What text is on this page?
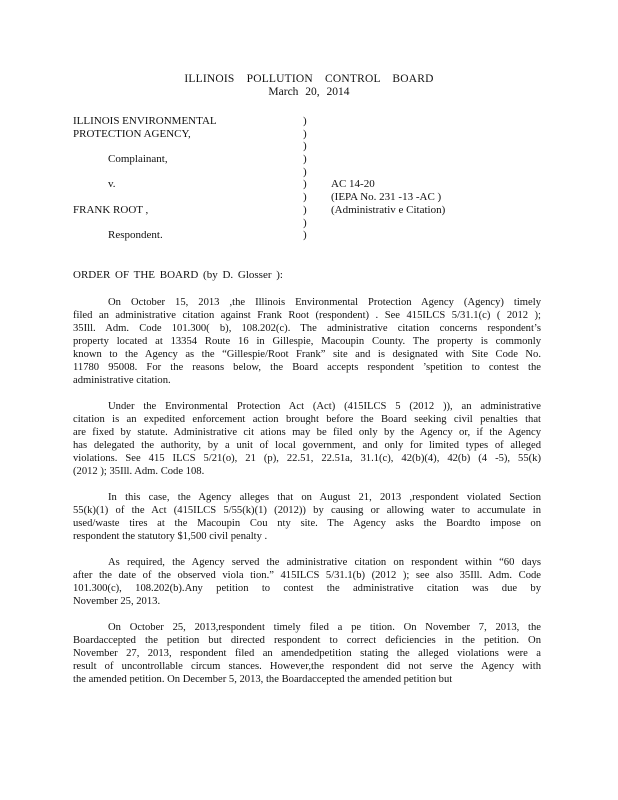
ILLINOIS POLLUTION CONTROL BOARD
March 20, 2014
ILLINOIS ENVIRONMENTAL
PROTECTION AGENCY,

Complainant,

v.

FRANK ROOT ,

Respondent.
)
)
)
)
)
)
)
)
)
)

AC 14-20
(IEPA No. 231 -13 -AC )
(Administrativ e Citation)

ORDER OF THE BOARD (by D. Glosser ):

On October 15, 2013 ,the Illinois Environmental Protection Agency (Agency) timely
filed an administrative citation against Frank Root (respondent) . See 415ILCS 5/31.1(c) ( 2012 );
35Ill. Adm. Code 101.300( b), 108.202(c). The administrative citation concerns respondent’s
property located at 13354 Route 16 in Gillespie, Macoupin County. The property is commonly
known to the Agency as the “Gillespie/Root Frank” site and is designated with Site Code No.
11780 95008. For the reasons below, the Board accepts respondent ’spetition to contest the
administrative citation.

Under the Environmental Protection Act (Act) (415ILCS 5 (2012 )), an administrative
citation is an expedited enforcement action brought before the Board seeking civil penalties that
are fixed by statute. Administrative cit ations may be filed only by the Agency or, if the Agency
has delegated the authority, by a unit of local government, and only for limited types of alleged
violations. See 415 ILCS 5/21(o), 21 (p), 22.51, 22.51a, 31.1(c), 42(b)(4), 42(b) (4 -5), 55(k)
(2012 ); 35Ill. Adm. Code 108.

In this case, the Agency alleges that on August 21, 2013 ,respondent violated Section
55(k)(1) of the Act (415ILCS 5/55(k)(1) (2012)) by causing or allowing water to accumulate in
used/waste tires at the Macoupin Cou nty site. The Agency asks the Boardto impose on
respondent the statutory $1,500 civil penalty .

As required, the Agency served the administrative citation on respondent within “60 days
after the date of the observed viola tion.” 415ILCS 5/31.1(b) (2012 ); see also 35Ill. Adm. Code
101.300(c), 108.202(b).Any petition to contest the administrative citation was due by
November 25, 2013.

On October 25, 2013,respondent timely filed a pe tition. On November 7, 2013, the
Boardaccepted the petition but directed respondent to correct deficiencies in the petition. On
November 27, 2013, respondent filed an amendedpetition stating the alleged violations were a
result of uncontrollable circum stances. However,the respondent did not serve the Agency with
the amended petition. On December 5, 2013, the Boardaccepted the amended petition but
